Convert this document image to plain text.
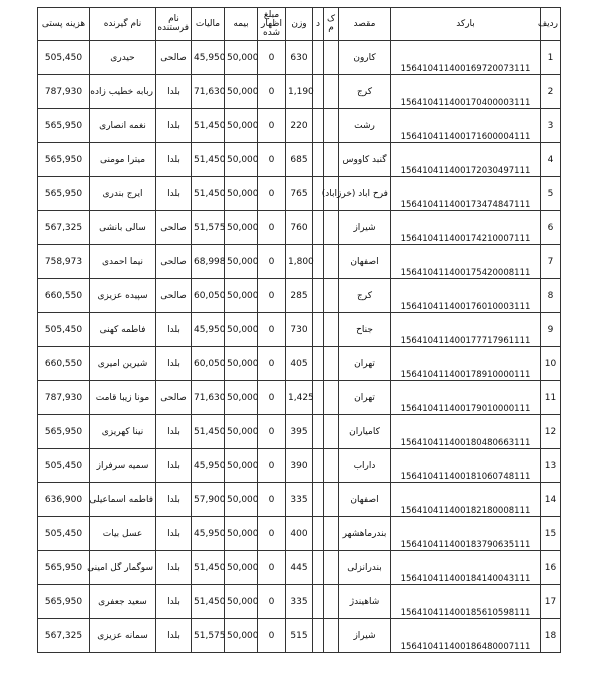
ردیف	بارکد	مقصد	ک م	د	وزن	مبلغ اظهار شده	بیمه	مالیات	نام فرستنده	نام گیرنده	هزینه پستی
1	156410411400169720073111	کارون			630	0	50,000	45,950	صالحی	حیدری	505,450
2	156410411400170400003111	کرج			1,190	0	50,000	71,630	بلدا	ربابه خطیب زاده	787,930
3	156410411400171600004111	رشت			220	0	50,000	51,450	بلدا	نغمه انصاری	565,950
4	156410411400172030497111	گنبد کاووس			685	0	50,000	51,450	بلدا	میترا مومنی	565,950
5	156410411400173474847111	فرح اباد (خرزاباد)			765	0	50,000	51,450	بلدا	ایرج بندری	565,950
6	156410411400174210007111	شیراز			760	0	50,000	51,575	صالحی	سالی بانشی	567,325
7	156410411400175420008111	اصفهان			1,800	0	50,000	68,998	صالحی	نیما احمدی	758,973
8	156410411400176010003111	کرج			285	0	50,000	60,050	صالحی	سپیده عزیزی	660,550
9	156410411400177717961111	جناح			730	0	50,000	45,950	بلدا	فاطمه کهنی	505,450
10	156410411400178910000111	تهران			405	0	50,000	60,050	بلدا	شیرین امیری	660,550
11	156410411400179010000111	تهران			1,425	0	50,000	71,630	صالحی	مونا زیبا قامت	787,930
12	156410411400180480663111	کامیاران			395	0	50,000	51,450	بلدا	نینا کهریزی	565,950
13	156410411400181060748111	داراب			390	0	50,000	45,950	بلدا	سمیه سرفراز	505,450
14	156410411400182180008111	اصفهان			335	0	50,000	57,900	بلدا	فاطمه اسماعیلی	636,900
15	156410411400183790635111	بندرماهشهر			400	0	50,000	45,950	بلدا	عسل بیات	505,450
16	156410411400184140043111	بندرانزلی			445	0	50,000	51,450	بلدا	سوگمار گل امینی	565,950
17	156410411400185610598111	شاهیندژ			335	0	50,000	51,450	بلدا	سعید جعفری	565,950
18	156410411400186480007111	شیراز			515	0	50,000	51,575	بلدا	سمانه عزیزی	567,325
